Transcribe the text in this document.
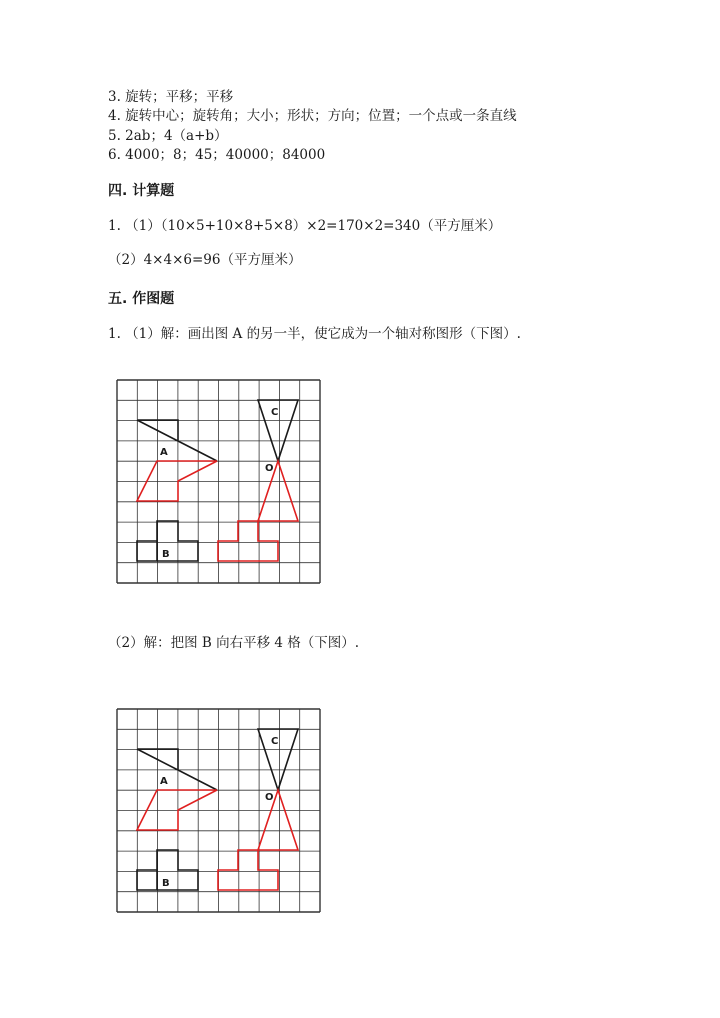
3. 旋转；平移；平移
4. 旋转中心；旋转角；大小；形状；方向；位置；一个点或一条直线
5. 2ab；4（a+b）
6. 4000；8；45；40000；84000
四. 计算题
1. （1）（10×5+10×8+5×8）×2=170×2=340（平方厘米）
（2）4×4×6=96（平方厘米）
五. 作图题
1. （1）解：画出图 A 的另一半，使它成为一个轴对称图形（下图）.
A
B
C
O
（2）解：把图 B 向右平移 4 格（下图）.
A
B
C
O
